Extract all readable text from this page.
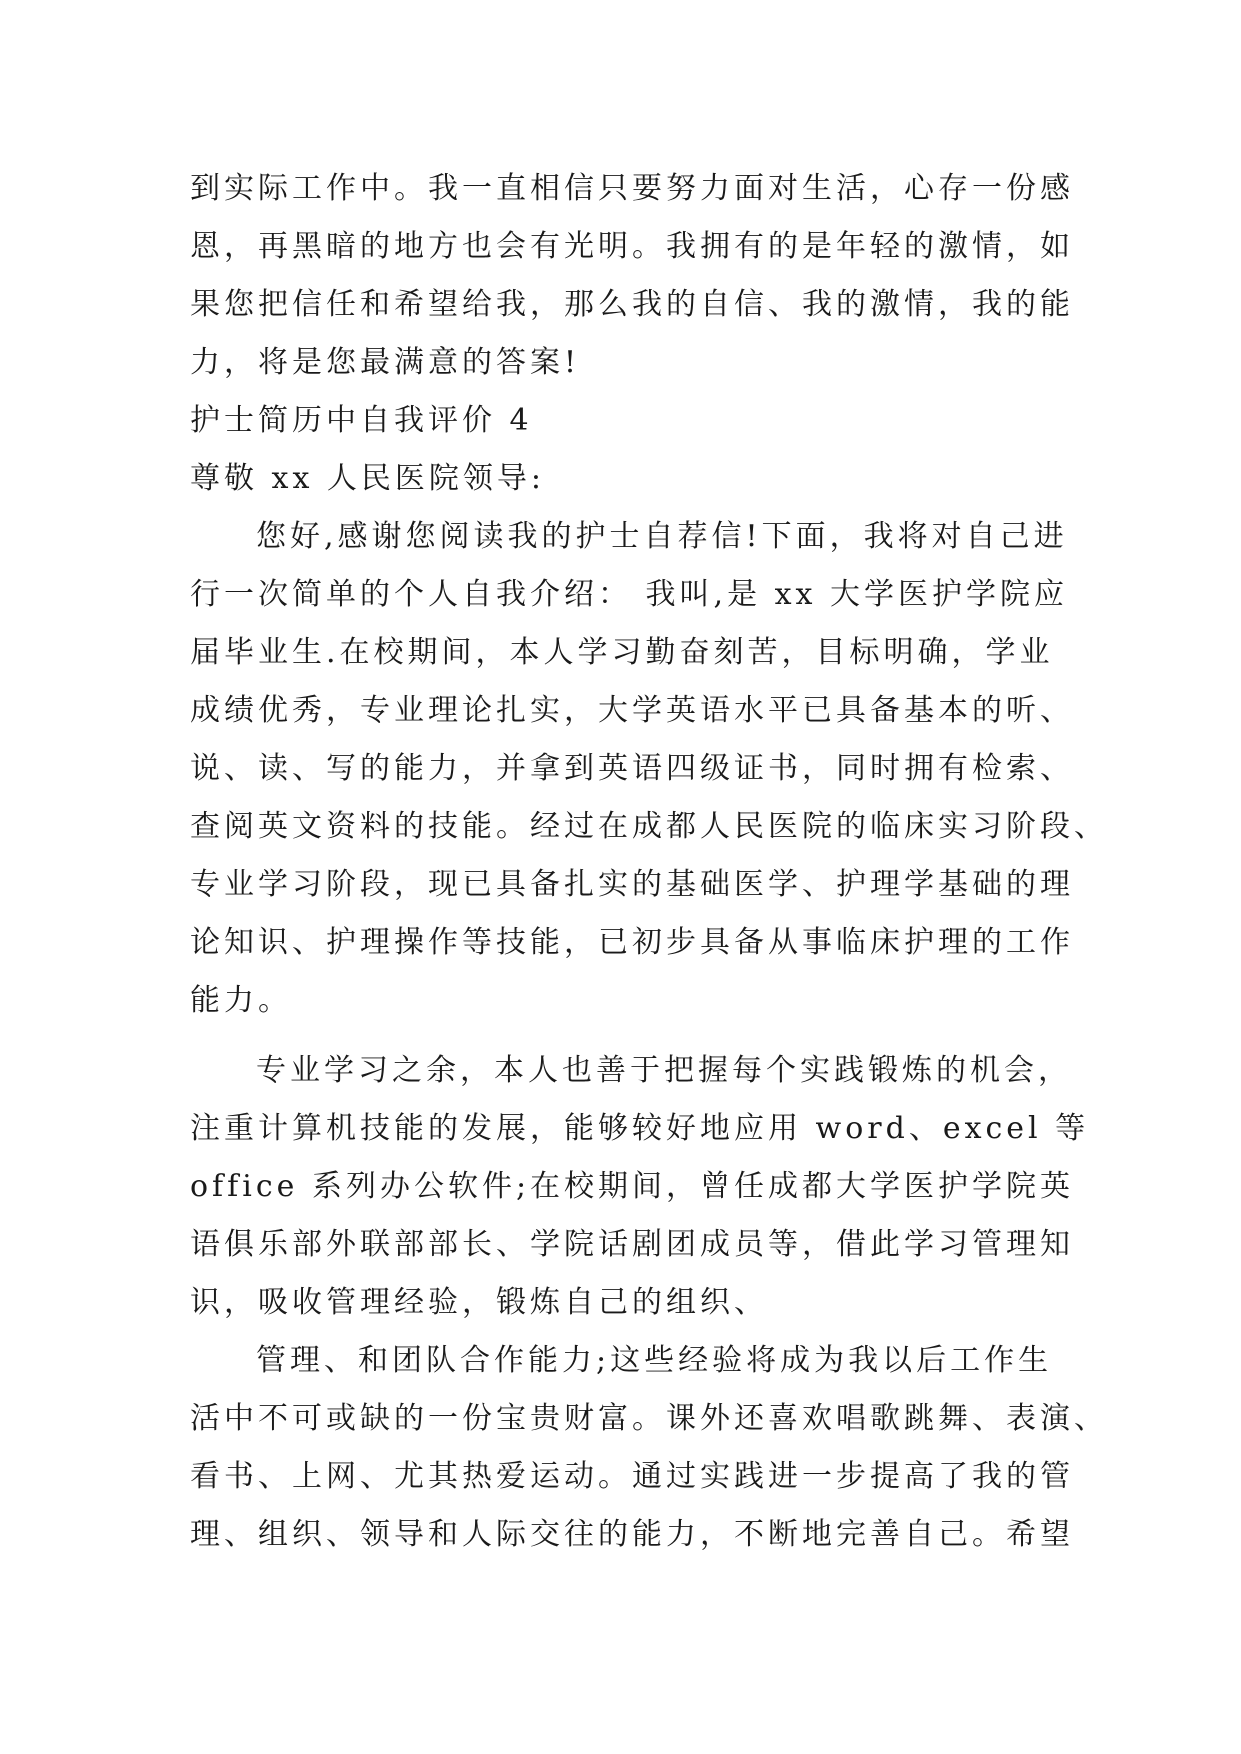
到实际工作中。我一直相信只要努力面对生活，心存一份感
恩，再黑暗的地方也会有光明。我拥有的是年轻的激情，如
果您把信任和希望给我，那么我的自信、我的激情，我的能
力，将是您最满意的答案!
护士简历中自我评价 4
尊敬 xx 人民医院领导:
您好,感谢您阅读我的护士自荐信!下面，我将对自己进
行一次简单的个人自我介绍： 我叫,是 xx 大学医护学院应
届毕业生.在校期间，本人学习勤奋刻苦，目标明确，学业
成绩优秀，专业理论扎实，大学英语水平已具备基本的听、
说、读、写的能力，并拿到英语四级证书，同时拥有检索、
查阅英文资料的技能。经过在成都人民医院的临床实习阶段、
专业学习阶段，现已具备扎实的基础医学、护理学基础的理
论知识、护理操作等技能，已初步具备从事临床护理的工作
能力。
专业学习之余，本人也善于把握每个实践锻炼的机会，
注重计算机技能的发展，能够较好地应用 word、excel 等
office 系列办公软件;在校期间，曾任成都大学医护学院英
语俱乐部外联部部长、学院话剧团成员等，借此学习管理知
识，吸收管理经验，锻炼自己的组织、
管理、和团队合作能力;这些经验将成为我以后工作生
活中不可或缺的一份宝贵财富。课外还喜欢唱歌跳舞、表演、
看书、上网、尤其热爱运动。通过实践进一步提高了我的管
理、组织、领导和人际交往的能力，不断地完善自己。希望
